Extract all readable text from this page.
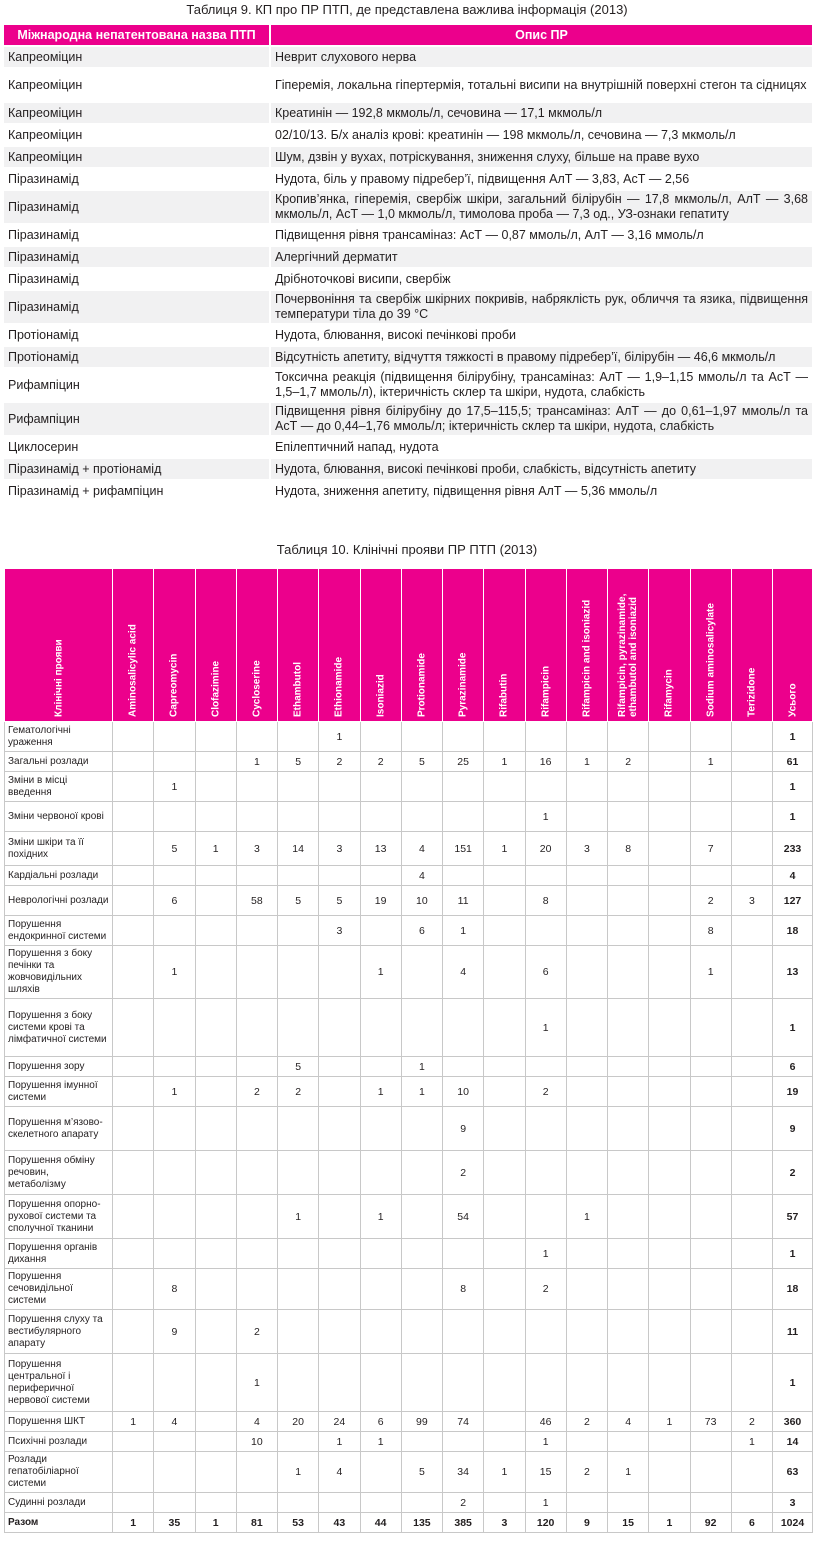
Таблиця 9. КП про ПР ПТП, де представлена важлива інформація (2013)
Міжнародна непатентована назва ПТП	Опис ПР
Капреоміцин	Неврит слухового нерва
Капреоміцин	Гіперемія, локальна гіпертермія, тотальні висипи на внутрішній поверхні стегон та сідницях
Капреоміцин	Креатинін — 192,8 мкмоль/л, сечовина — 17,1 мкмоль/л
Капреоміцин	02/10/13. Б/х аналіз крові: креатинін — 198 мкмоль/л, сечовина — 7,3 мкмоль/л
Капреоміцин	Шум, дзвін у вухах, потріскування, зниження слуху, більше на праве вухо
Піразинамід	Нудота, біль у правому підребер’ї, підвищення АлТ — 3,83, АсТ — 2,56
Піразинамід	Кропив’янка, гіперемія, свербіж шкіри, загальний білірубін — 17,8 мкмоль/л, АлТ — 3,68 мкмоль/л, АсТ — 1,0 мкмоль/л, тимолова проба — 7,3 од., УЗ-ознаки гепатиту
Піразинамід	Підвищення рівня трансаміназ: АсТ — 0,87 ммоль/л, АлТ — 3,16 ммоль/л
Піразинамід	Алергічний дерматит
Піразинамід	Дрібноточкові висипи, свербіж
Піразинамід	Почервоніння та свербіж шкірних покривів, набряклість рук, обличчя та язика, підвищення температури тіла до 39 °С
Протіонамід	Нудота, блювання, високі печінкові проби
Протіонамід	Відсутність апетиту, відчуття тяжкості в правому підребер’ї, білірубін — 46,6 мкмоль/л
Рифампіцин	Токсична реакція (підвищення білірубіну, трансаміназ: АлТ — 1,9–1,15 ммоль/л та АсТ — 1,5–1,7 ммоль/л), іктеричність склер та шкіри, нудота, слабкість
Рифампіцин	Підвищення рівня білірубіну до 17,5–115,5; трансаміназ: АлТ — до 0,61–1,97 ммоль/л та АсТ — до 0,44–1,76 ммоль/л; іктеричність склер та шкіри, нудота, слабкість
Циклосерин	Епілептичний напад, нудота
Піразинамід + протіонамід	Нудота, блювання, високі печінкові проби, слабкість, відсутність апетиту
Піразинамід + рифампіцин	Нудота, зниження апетиту, підвищення рівня АлТ — 5,36 ммоль/л
Таблиця 10. Клінічні прояви ПР ПТП (2013)
Клінічні прояви	Aminosalicylic acid	Capreomycin	Clofazimine	Cycloserine	Ethambutol	Ethionamide	Isoniazid	Protionamide	Pyrazinamide	Rifabutin	Rifampicin	Rifampicin and isoniazid	Rifampicin, pyrazinamide, ethambutol and isoniazid	Rifamycin	Sodium aminosalicylate	Terizidone	Усього

Гематологічні ураження						1											1
Загальні розлади				1	5	2	2	5	25	1	16	1	2		1		61
Зміни в місці введення		1															1
Зміни червоної крові											1						1
Зміни шкіри та її похідних		5	1	3	14	3	13	4	151	1	20	3	8		7		233
Кардіальні розлади								4									4
Неврологічні розлади		6		58	5	5	19	10	11		8				2	3	127
Порушення ендокринної системи						3		6	1						8		18
Порушення з боку печінки та жовчовидільних шляхів		1					1		4		6				1		13
Порушення з боку системи крові та лімфатичної системи											1						1
Порушення зору					5			1									6
Порушення імунної системи		1		2	2		1	1	10		2						19
Порушення м’язово-скелетного апарату									9								9
Порушення обміну речовин, метаболізму									2								2
Порушення опорно-рухової системи та сполучної тканини					1		1		54			1					57
Порушення органів дихання											1						1
Порушення сечовидільної системи		8							8		2						18
Порушення слуху та вестибулярного апарату		9		2													11
Порушення центральної і периферичної нервової системи				1													1
Порушення ШКТ	1	4		4	20	24	6	99	74		46	2	4	1	73	2	360
Психічні розлади				10		1	1				1					1	14
Розлади гепатобіліарної системи					1	4		5	34	1	15	2	1				63
Судинні розлади									2		1						3
Разом	1	35	1	81	53	43	44	135	385	3	120	9	15	1	92	6	1024
